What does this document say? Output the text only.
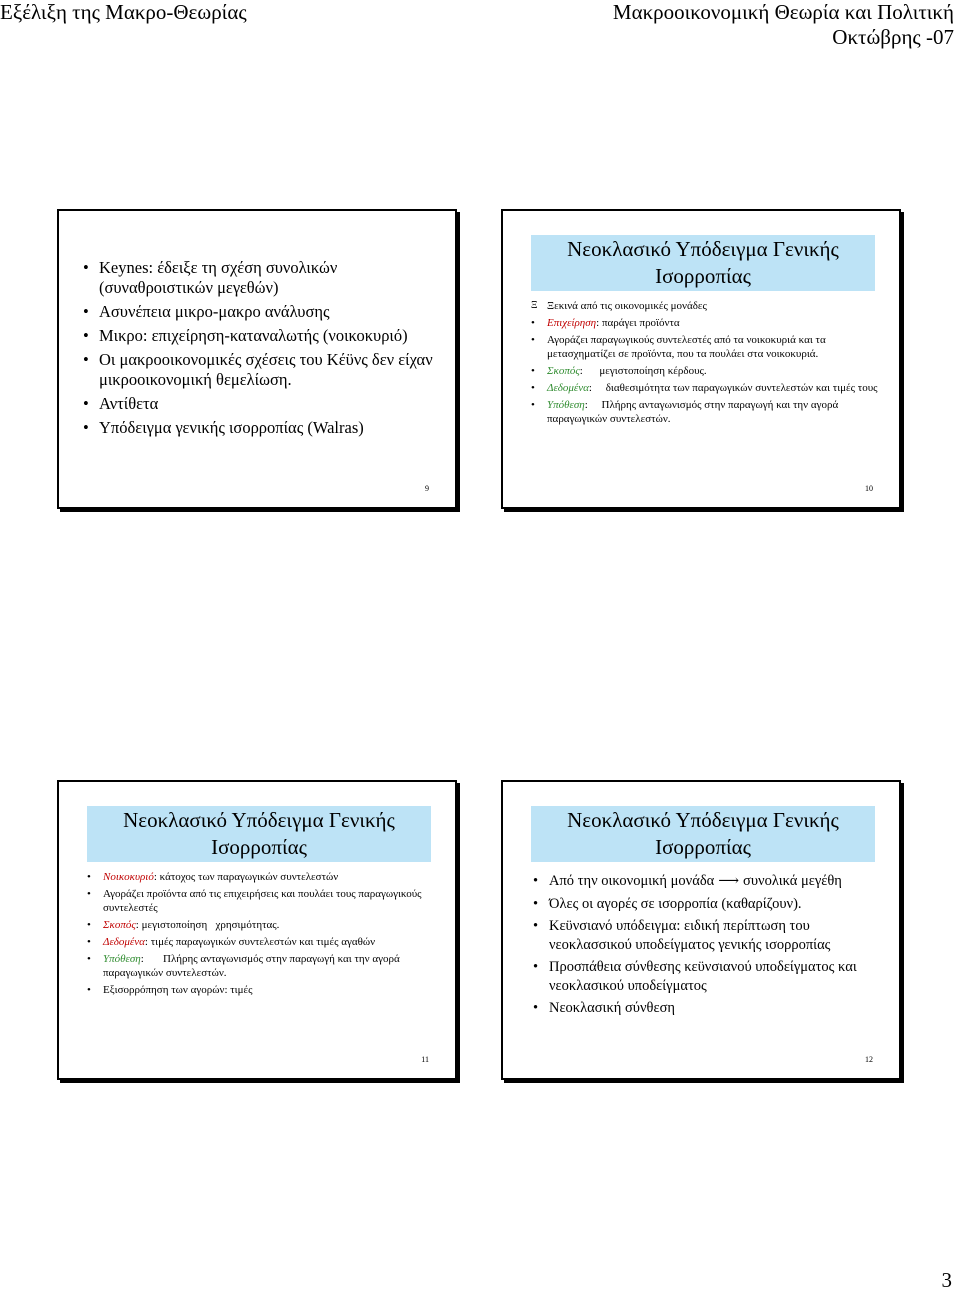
Εξέλιξη της Μακρο-Θεωρίας	Μακροοικονομική Θεωρία και Πολιτική
Οκτώβρης -07
• Keynes: έδειξε τη σχέση συνολικών (συναθροιστικών μεγεθών)
• Ασυνέπεια μικρο-μακρο ανάλυσης
• Μικρο: επιχείρηση-καταναλωτής (νοικοκυριό)
• Οι μακροοικονομικές σχέσεις του Κέϋνς δεν είχαν μικροοικονομική θεμελίωση.
• Αντίθετα
• Υπόδειγμα γενικής ισορροπίας (Walras)
9
Νεοκλασικό Υπόδειγμα Γενικής Ισορροπίας
Ξ Ξεκινά από τις οικονομικές μονάδες
• Επιχείρηση: παράγει προϊόντα
• Αγοράζει παραγωγικούς συντελεστές από τα νοικοκυριά και τα μετασχηματίζει σε προϊόντα, που τα πουλάει στα νοικοκυριά.
• Σκοπός:      μεγιστοποίηση κέρδους.
• Δεδομένα:     διαθεσιμότητα των παραγωγικών συντελεστών και τιμές τους
• Υπόθεση:     Πλήρης ανταγωνισμός στην παραγωγή και την αγορά παραγωγικών συντελεστών.
10
Νεοκλασικό Υπόδειγμα Γενικής Ισορροπίας
• Νοικοκυριό: κάτοχος των παραγωγικών συντελεστών
• Αγοράζει προϊόντα από τις επιχειρήσεις και πουλάει τους παραγωγικούς συντελεστές
• Σκοπός: μεγιστοποίηση   χρησιμότητας.
• Δεδομένα: τιμές παραγωγικών συντελεστών και τιμές αγαθών
• Υπόθεση:       Πλήρης ανταγωνισμός στην παραγωγή και την αγορά παραγωγικών συντελεστών.
• Εξισορρόπηση των αγορών: τιμές
11
Νεοκλασικό Υπόδειγμα Γενικής Ισορροπίας
• Από την οικονομική μονάδα ⟶ συνολικά μεγέθη
• Όλες οι αγορές σε ισορροπία (καθαρίζουν).
• Κεϋνσιανό υπόδειγμα: ειδική περίπτωση του νεοκλασσικού υποδείγματος γενικής ισορροπίας
• Προσπάθεια σύνθεσης κεϋνσιανού υποδείγματος και νεοκλασικού υποδείγματος
• Νεοκλασική σύνθεση
12
3
